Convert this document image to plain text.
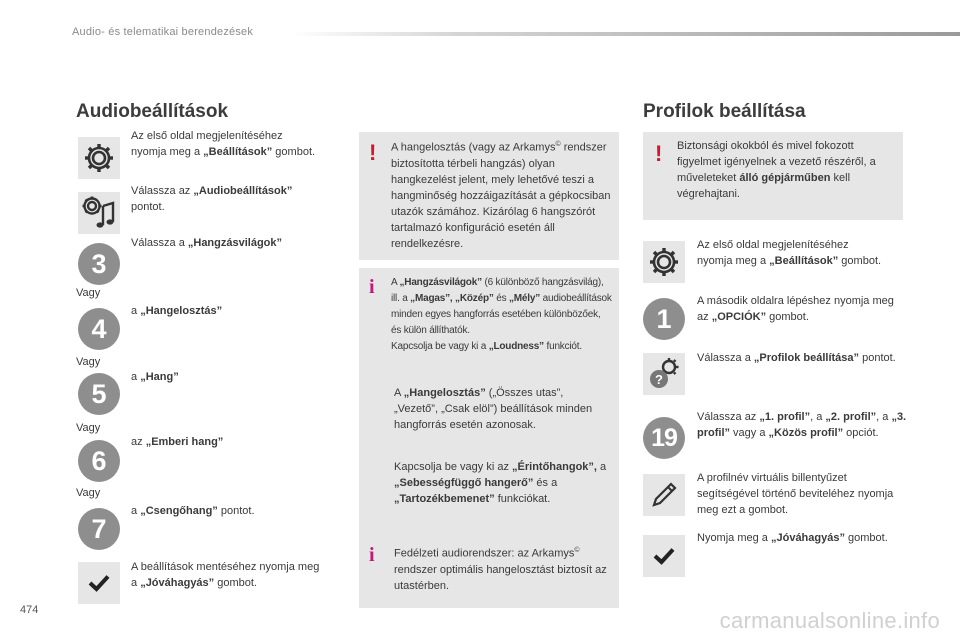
Audio- és telematikai berendezések
Audiobeállítások
Az első oldal megjelenítéséhez nyomja meg a „Beállítások” gombot.
Válassza az „Audiobeállítások” pontot.
3
Válassza a „Hangzásvilágok”
Vagy
4
a „Hangelosztás”
Vagy
5
a „Hang”
Vagy
6
az „Emberi hang”
Vagy
7
a „Csengőhang” pontot.
A beállítások mentéséhez nyomja meg a „Jóváhagyás” gombot.
! A hangelosztás (vagy az Arkamys© rendszer biztosította térbeli hangzás) olyan hangkezelést jelent, mely lehetővé teszi a hangminőség hozzáigazítását a gépkocsiban utazók számához. Kizárólag 6 hangszórót tartalmazó konfiguráció esetén áll rendelkezésre.
i A „Hangzásvilágok” (6 különböző hangzásvilág), ill. a „Magas”, „Közép” és „Mély” audiobeállítások minden egyes hangforrás esetében különbözőek, és külön állíthatók.
Kapcsolja be vagy ki a „Loudness” funkciót.
A „Hangelosztás” („Összes utas”, „Vezető”, „Csak elöl”) beállítások minden hangforrás esetén azonosak.
Kapcsolja be vagy ki az „Érintőhangok”, a „Sebességfüggő hangerő” és a „Tartozékbemenet” funkciókat.
i Fedélzeti audiorendszer: az Arkamys© rendszer optimális hangelosztást biztosít az utastérben.
Profilok beállítása
! Biztonsági okokból és mivel fokozott figyelmet igényelnek a vezető részéről, a műveleteket álló gépjárműben kell végrehajtani.
Az első oldal megjelenítéséhez nyomja meg a „Beállítások” gombot.
1
A második oldalra lépéshez nyomja meg az „OPCIÓK” gombot.
?
Válassza a „Profilok beállítása” pontot.
19
Válassza az „1. profil”, a „2. profil”, a „3. profil” vagy a „Közös profil” opciót.
A profilnév virtuális billentyűzet segítségével történő beviteléhez nyomja meg ezt a gombot.
Nyomja meg a „Jóváhagyás” gombot.
474	carmanualsonline.info
